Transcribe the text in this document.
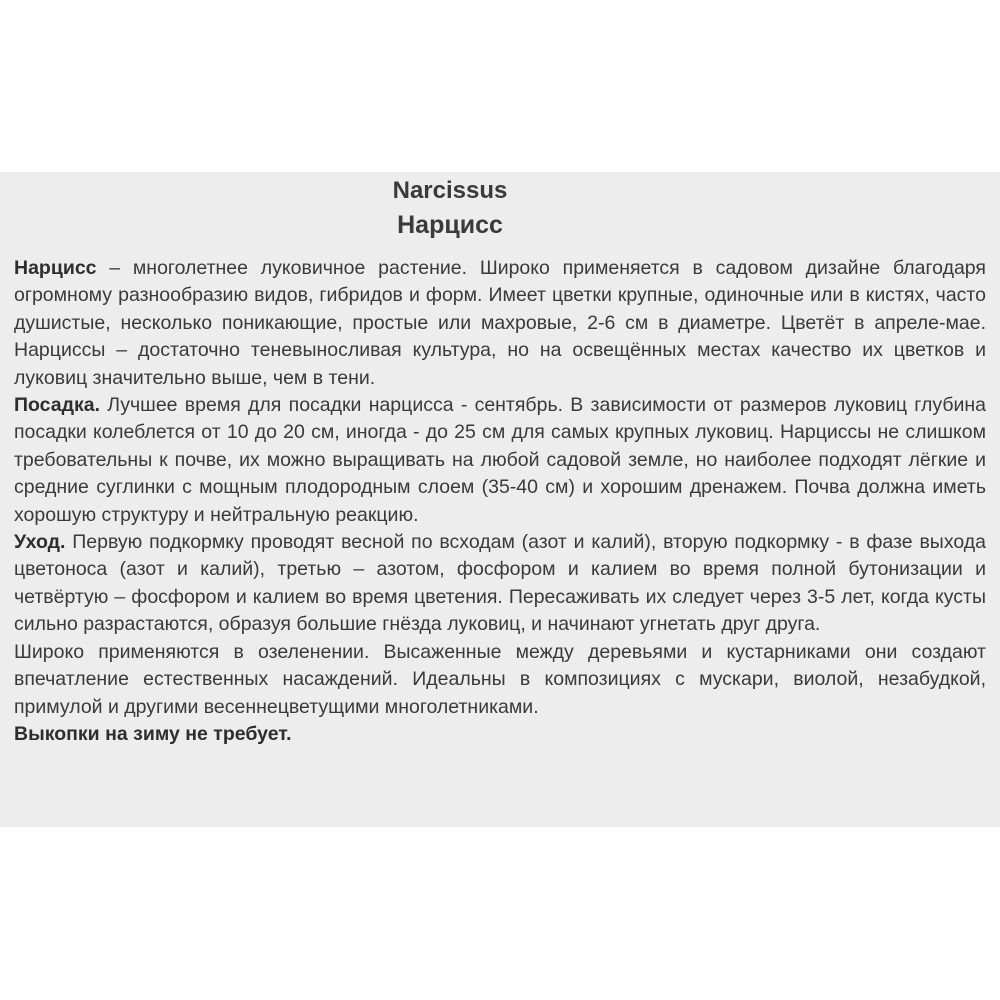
Narcissus
Нарцисс

Нарцисс – многолетнее луковичное растение. Широко применяется в садовом дизайне благодаря огромному разнообразию видов, гибридов и форм. Имеет цветки крупные, одиночные или в кистях, часто душистые, несколько поникающие, простые или махровые, 2-6 см в диаметре. Цветёт в апреле-мае. Нарциссы – достаточно теневыносливая культура, но на освещённых местах качество их цветков и луковиц значительно выше, чем в тени.

Посадка. Лучшее время для посадки нарцисса - сентябрь. В зависимости от размеров луковиц глубина посадки колеблется от 10 до 20 см, иногда - до 25 см для самых крупных луковиц. Нарциссы не слишком требовательны к почве, их можно выращивать на любой садовой земле, но наиболее подходят лёгкие и средние суглинки с мощным плодородным слоем (35-40 см) и хорошим дренажем. Почва должна иметь хорошую структуру и нейтральную реакцию.

Уход. Первую подкормку проводят весной по всходам (азот и калий), вторую подкормку - в фазе выхода цветоноса (азот и калий), третью – азотом, фосфором и калием во время полной бутонизации и четвёртую – фосфором и калием во время цветения. Пересаживать их следует через 3-5 лет, когда кусты сильно разрастаются, образуя большие гнёзда луковиц, и начинают угнетать друг друга.

Широко применяются в озеленении. Высаженные между деревьями и кустарниками они создают впечатление естественных насаждений. Идеальны в композициях с мускари, виолой, незабудкой, примулой и другими весеннецветущими многолетниками.

Выкопки на зиму не требует.
